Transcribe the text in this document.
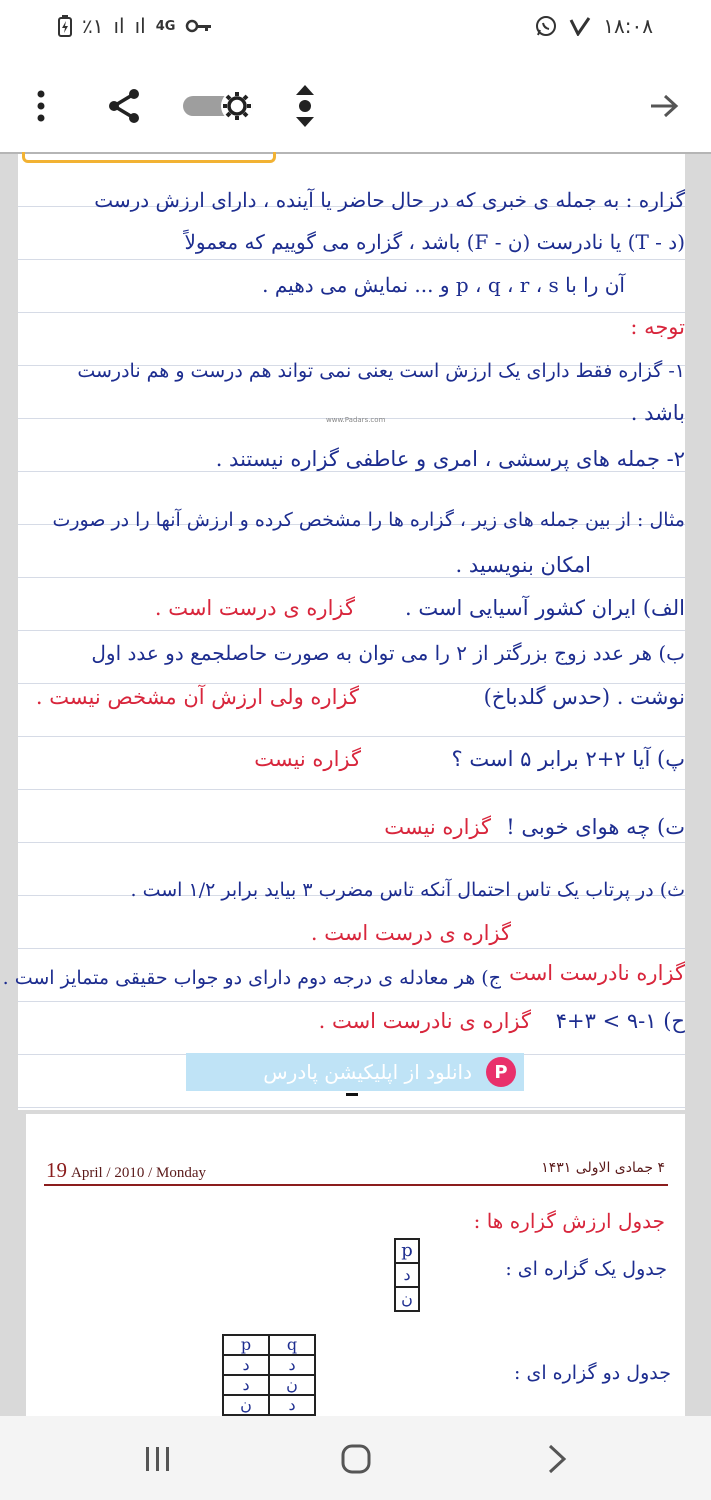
٪۱ ıl ıl 4G	۱۸:۰۸
گزاره : به جمله ی خبری که در حال حاضر یا آینده ، دارای ارزش درست
(د - T) یا نادرست (ن - F) باشد ، گزاره می گوییم که معمولاً
آن را با p ، q ، r ، s و ... نمایش می دهیم .
توجه :
۱- گزاره فقط دارای یک ارزش است یعنی نمی تواند هم درست و هم نادرست
باشد .
www.Padars.com
۲- جمله های پرسشی ، امری و عاطفی گزاره نیستند .
مثال : از بین جمله های زیر ، گزاره ها را مشخص کرده و ارزش آنها را در صورت
امکان بنویسید .
الف) ایران کشور آسیایی است .
گزاره ی درست است .
ب) هر عدد زوج بزرگتر از ۲ را می توان به صورت حاصلجمع دو عدد اول
نوشت . (حدس گلدباخ)
گزاره ولی ارزش آن مشخص نیست .
پ) آیا ۲+۲ برابر ۵ است ؟
گزاره نیست
ت) چه هوای خوبی !
گزاره نیست
ث) در پرتاب یک تاس احتمال آنکه تاس مضرب ۳ بیاید برابر ۱/۲ است .
گزاره ی درست است .
ج) هر معادله ی درجه دوم دارای دو جواب حقیقی متمایز است . گزاره نادرست است
ح) ۱-۹ > ۳+۴
گزاره ی نادرست است .
دانلود از اپلیکیشن پادرس	P
19 April / 2010 / Monday	۴ جمادی الاولی ۱۴۳۱
جدول ارزش گزاره ها :
جدول یک گزاره ای :
p
د
ن
جدول دو گزاره ای :
p	q
د	د
د	ن
ن	د
